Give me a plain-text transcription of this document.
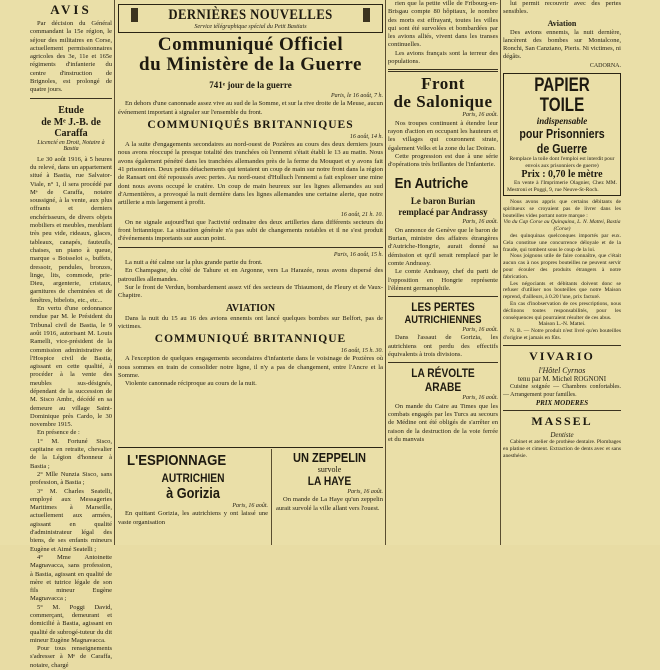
AVIS

Par décision du Général commandant la 15e région, le séjour des militaires en Corse, actuellement permissionnaires agricoles des 3e, 11e et 165e régiments d'infanterie du centre d'instruction de Brignoles, est prolongé de quatre jours.

Etude
de Mᵉ J.-B. de Caraffa
Licencié en Droit, Notaire à Bastia

Le 30 août 1916, à 5 heures du relevé, dans un appartement situé à Bastia, rue Salvator-Viale, n° 1, il sera procédé par Mᵉ de Caraffa, notaire soussigné, à la vente, aux plus offrants et derniers enchérisseurs, de divers objets mobiliers et meubles, meublant très peu vide, rideaux, glaces, tableaux, canapés, fauteuils, chaises, un piano à queue, marque « Boisselot », buffets, dressoir, pendules, bronzes, linge, lits, commode, prie-Dieu, argenterie, cristaux, garnitures de cheminées et de fenêtres, bibelots, etc., etc...

En vertu d'une ordonnance rendue par M. le Président du Tribunal civil de Bastia, le 9 août 1916, autorisant M. Louis Ramelli, vice-président de la commission administrative de l'Hospice civil de Bastia, agissant en cette qualité, à procéder à la vente des meubles sus-désignés, dépendant de la succession de M. Sisco Ambr., décédé en sa demeure au village Saint-Dominique près Cardo, le 30 novembre 1915.

En présence de :

1° M. Fortuné Sisco, capitaine en retraite, chevalier de la Légion d'honneur à Bastia ;

2° Mlle Nunzia Sisco, sans profession, à Bastia ;

3° M. Charles Seatelli, employé aux Messageries Maritimes à Marseille, actuellement aux armées, agissant en qualité d'administrateur légal des biens, de ses enfants mineurs Eugène et Aimé Seatelli ;

4° Mme Antoinette Magnavacca, sans profession, à Bastia, agissant en qualité de mère et tutrice légale de son fils mineur Eugène Magnavacca ;

5° M. Poggi David, commerçant, demeurant et domicilié à Bastia, agissant en qualité de subrogé-tuteur du dit mineur Eugène Magnavacca.

Pour tous renseignements s'adresser à Mᵉ de Caraffa, notaire, chargé

DERNIÈRES NOUVELLES
Service télégraphique spécial du Petit Bastiais
Communiqué Officiel
du Ministère de la Guerre
741ᵉ jour de la guerre

Paris, le 16 août, 7 h.

En dehors d'une canonnade assez vive au sud de la Somme, et sur la rive droite de la Meuse, aucun événement important à signaler sur l'ensemble du front.

COMMUNIQUÉS BRITANNIQUES

16 août, 14 h.

A la suite d'engagements secondaires au nord-ouest de Pozières au cours des deux derniers jours nous avons réoccupé la presque totalité des tranchées où l'ennemi s'était établi le 13 au matin. Nous avons également pénétré dans les tranchées allemandes près de la ferme du Mouquet et y avons fait 41 prisonniers. Deux petits détachements qui tentaient un coup de main sur notre front dans la région de Ransart ont été repoussés avec pertes. Au nord-ouest d'Hulluch l'ennemi a fait exploser une mine dont nous avons occupé le cratère. Un coup de main heureux sur les lignes allemandes au sud d'Armentières, a provoqué la nuit dernière dans les lignes allemandes une certaine alerte, que notre artillerie a mis largement à profit.

16 août, 21 h. 10.

On ne signale aujourd'hui que l'activité ordinaire des deux artilleries dans différents secteurs du front britannique. La situation générale n'a pas subi de changements notables et il ne s'est produit d'événements importants sur aucun point.

Paris, 16 août, 15 h.

La nuit a été calme sur la plus grande partie du front.

En Champagne, du côté de Tahure et en Argonne, vers La Harazée, nous avons dispersé des patrouilles allemandes.

Sur le front de Verdun, bombardement assez vif des secteurs de Thiaumont, de Fleury et de Vaux-Chapitre.

AVIATION

Dans la nuit du 15 au 16 des avions ennemis ont lancé quelques bombes sur Belfort, pas de victimes.

COMMUNIQUÉ BRITANNIQUE

16 août, 15 h. 30.

A l'exception de quelques engagements secondaires d'infanterie dans le voisinage de Pozières où nous sommes en train de consolider notre ligne, il n'y a pas de changement, entre l'Ancre et la Somme.

Violente canonnade réciproque au cours de la nuit.

L'ESPIONNAGE
AUTRICHIEN
à Gorizia

Paris, 16 août.

En quittant Gorizia, les autrichiens y ont laissé une vaste organisation

UN ZEPPELIN
survole
LA HAYE

Paris, 16 août.

On mande de La Haye qu'un zeppelin aurait survolé la ville allant vers l'ouest.

rien que la petite ville de Fribourg-en-Brisgau compte 80 hôpitaux, le nombre des morts est effrayant, toutes les villes qui sont été survolées et bombardées par les avions alliés, vivent dans les transes continuelles.

Les avions français sont la terreur des populations.

Front
de Salonique

Paris, 16 août.

Nos troupes continuent à étendre leur rayon d'action en occupant les hauteurs et les villages qui couronnent strate, également Velks et la zone du lac Doiran.

Cette progression est due à une série d'opérations très brillantes de l'infanterie.

En Autriche
Le baron Burian
remplacé par Andrassy

Paris, 16 août.

On annonce de Genève que le baron de Burian, ministre des affaires étrangères d'Autriche-Hongrie, aurait donné sa démission et qu'il serait remplacé par le comte Andrassy.

Le comte Andrassy, chef du parti de l'opposition en Hongrie représente l'élément germanophile.

LES PERTES
AUTRICHIENNES

Paris, 16 août.

Dans l'assaut de Gorizia, les autrichiens ont perdu des effectifs équivalents à trois divisions.

LA RÉVOLTE ARABE

Paris, 16 août.

On mande du Caire au Times que les combats engagés par les Turcs au secours de Médine ont été obligés de s'arrêter en raison de la destruction de la voie ferrée et du manvais

lui permit recouvrir avec des pertes sensibles.

Aviation

Des avions ennemis, la nuit dernière, lancèrent des bombes sur Montalcone, Ronchi, San Canziano, Pieris. Ni victimes, ni dégâts.

CADORNA.

PAPIER TOILE
indispensable
pour Prisonniers de Guerre

Remplace la toile dont l'emploi est interdit pour envois aux prisonniers de guerre)

Prix : 0,70 le mètre

En vente à l'Imprimerie Olagnier, Chez MM. Mestroni et Poggi, 9, rue Neuve-St-Roch.

Nous avons appris que certains débitants de spiritueux se croyaient pas de livrer dans les bouteilles vides portant notre marque :

Vin du Cap Corse au Quinquina, L. N. Mattei, Bastia (Corse)

des quinquinas quelconques importés par eux. Cela constitue une concurrence déloyale et de la fraude, qui tombent sous le coup de la loi.

Nous joignons utile de faire connaître, que c'était aucun cas à nos propres bouteilles ne peuvent servir pour écouler des produits étrangers à notre fabrication.

Les négociants et débitants doivent donc se refuser d'utiliser nos bouteilles que notre Maison reprend, d'ailleurs, à 0.20 l'une, prix facturé.

En cas d'inobservation de ces prescriptions, nous déclinons toutes responsabilités, pour les conséquences qui pourraient résulter de ces abus.

Maison L.-N. Mattei.

N. B. — Notre produit n'est livré qu'en bouteilles d'origine et jamais en fûts.

VIVARIO
l'Hôtel Cyrnos
tenu par M. Michel ROGNONI

Cuisine soignée — Chambres confortables. — Arrangement pour familles.

PRIX MODERES
MASSEL
Dentiste

Cabinet et atelier de prothèse dentaire. Plombages en platine et ciment. Extraction de dents avec et sans anesthésie.
